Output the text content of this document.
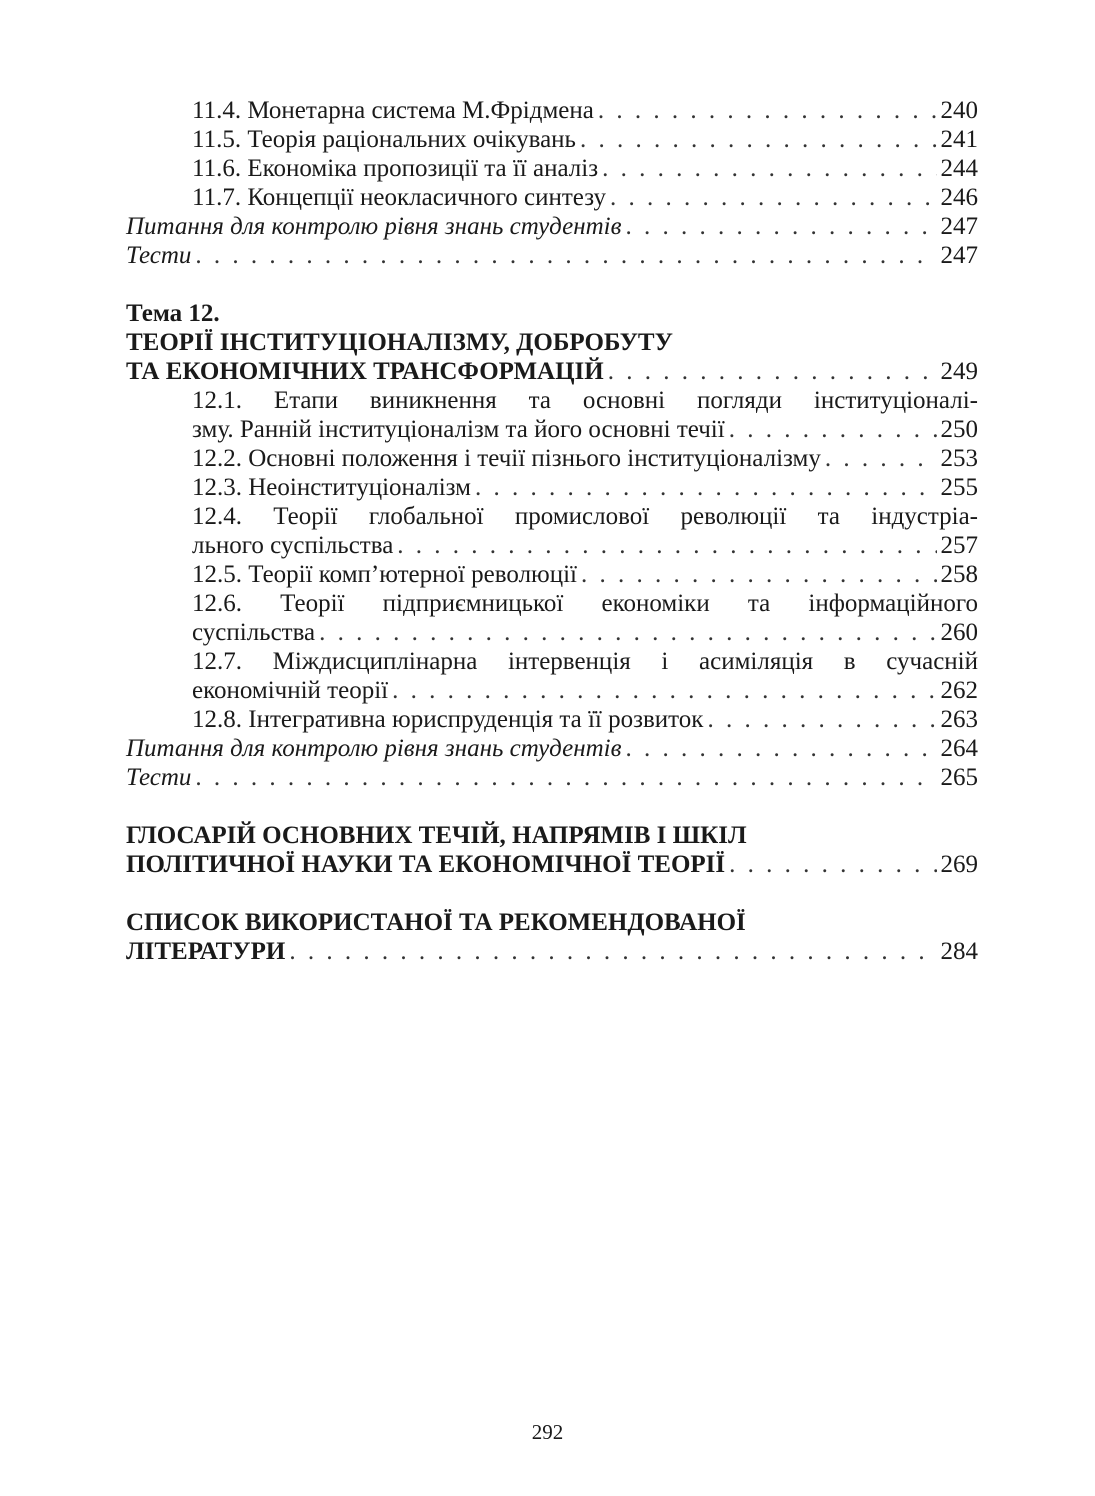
11.4. Монетарна система М.Фрідмена . . .	240
11.5. Теорія раціональних очікувань . . .	241
11.6. Економіка пропозиції та її аналіз . . .	244
11.7. Концепції неокласичного синтезу . . .	246
Питання для контролю рівня знань студентів . . .	247
Тести . . .	247
Тема 12.
ТЕОРІЇ ІНСТИТУЦІОНАЛІЗМУ, ДОБРОБУТУ
ТА ЕКОНОМІЧНИХ ТРАНСФОРМАЦІЙ . . .	249
12.1. Етапи виникнення та основні погляди інституціоналі-
зму. Ранній інституціоналізм та його основні течії . . .	250
12.2. Основні положення і течії пізнього інституціоналізму . . .	253
12.3. Неоінституціоналізм . . .	255
12.4. Теорії глобальної промислової революції та індустріа-
льного суспільства . . .	257
12.5. Теорії комп’ютерної революції . . .	258
12.6. Теорії підприємницької економіки та інформаційного
суспільства . . .	260
12.7. Міждисциплінарна інтервенція і асиміляція в сучасній
економічній теорії . . .	262
12.8. Інтегративна юриспруденція та її розвиток . . .	263
Питання для контролю рівня знань студентів . . .	264
Тести . . .	265
ГЛОСАРІЙ ОСНОВНИХ ТЕЧІЙ, НАПРЯМІВ І ШКІЛ
ПОЛІТИЧНОЇ НАУКИ ТА ЕКОНОМІЧНОЇ ТЕОРІЇ . . .	269
СПИСОК ВИКОРИСТАНОЇ ТА РЕКОМЕНДОВАНОЇ
ЛІТЕРАТУРИ . . .	284
292
